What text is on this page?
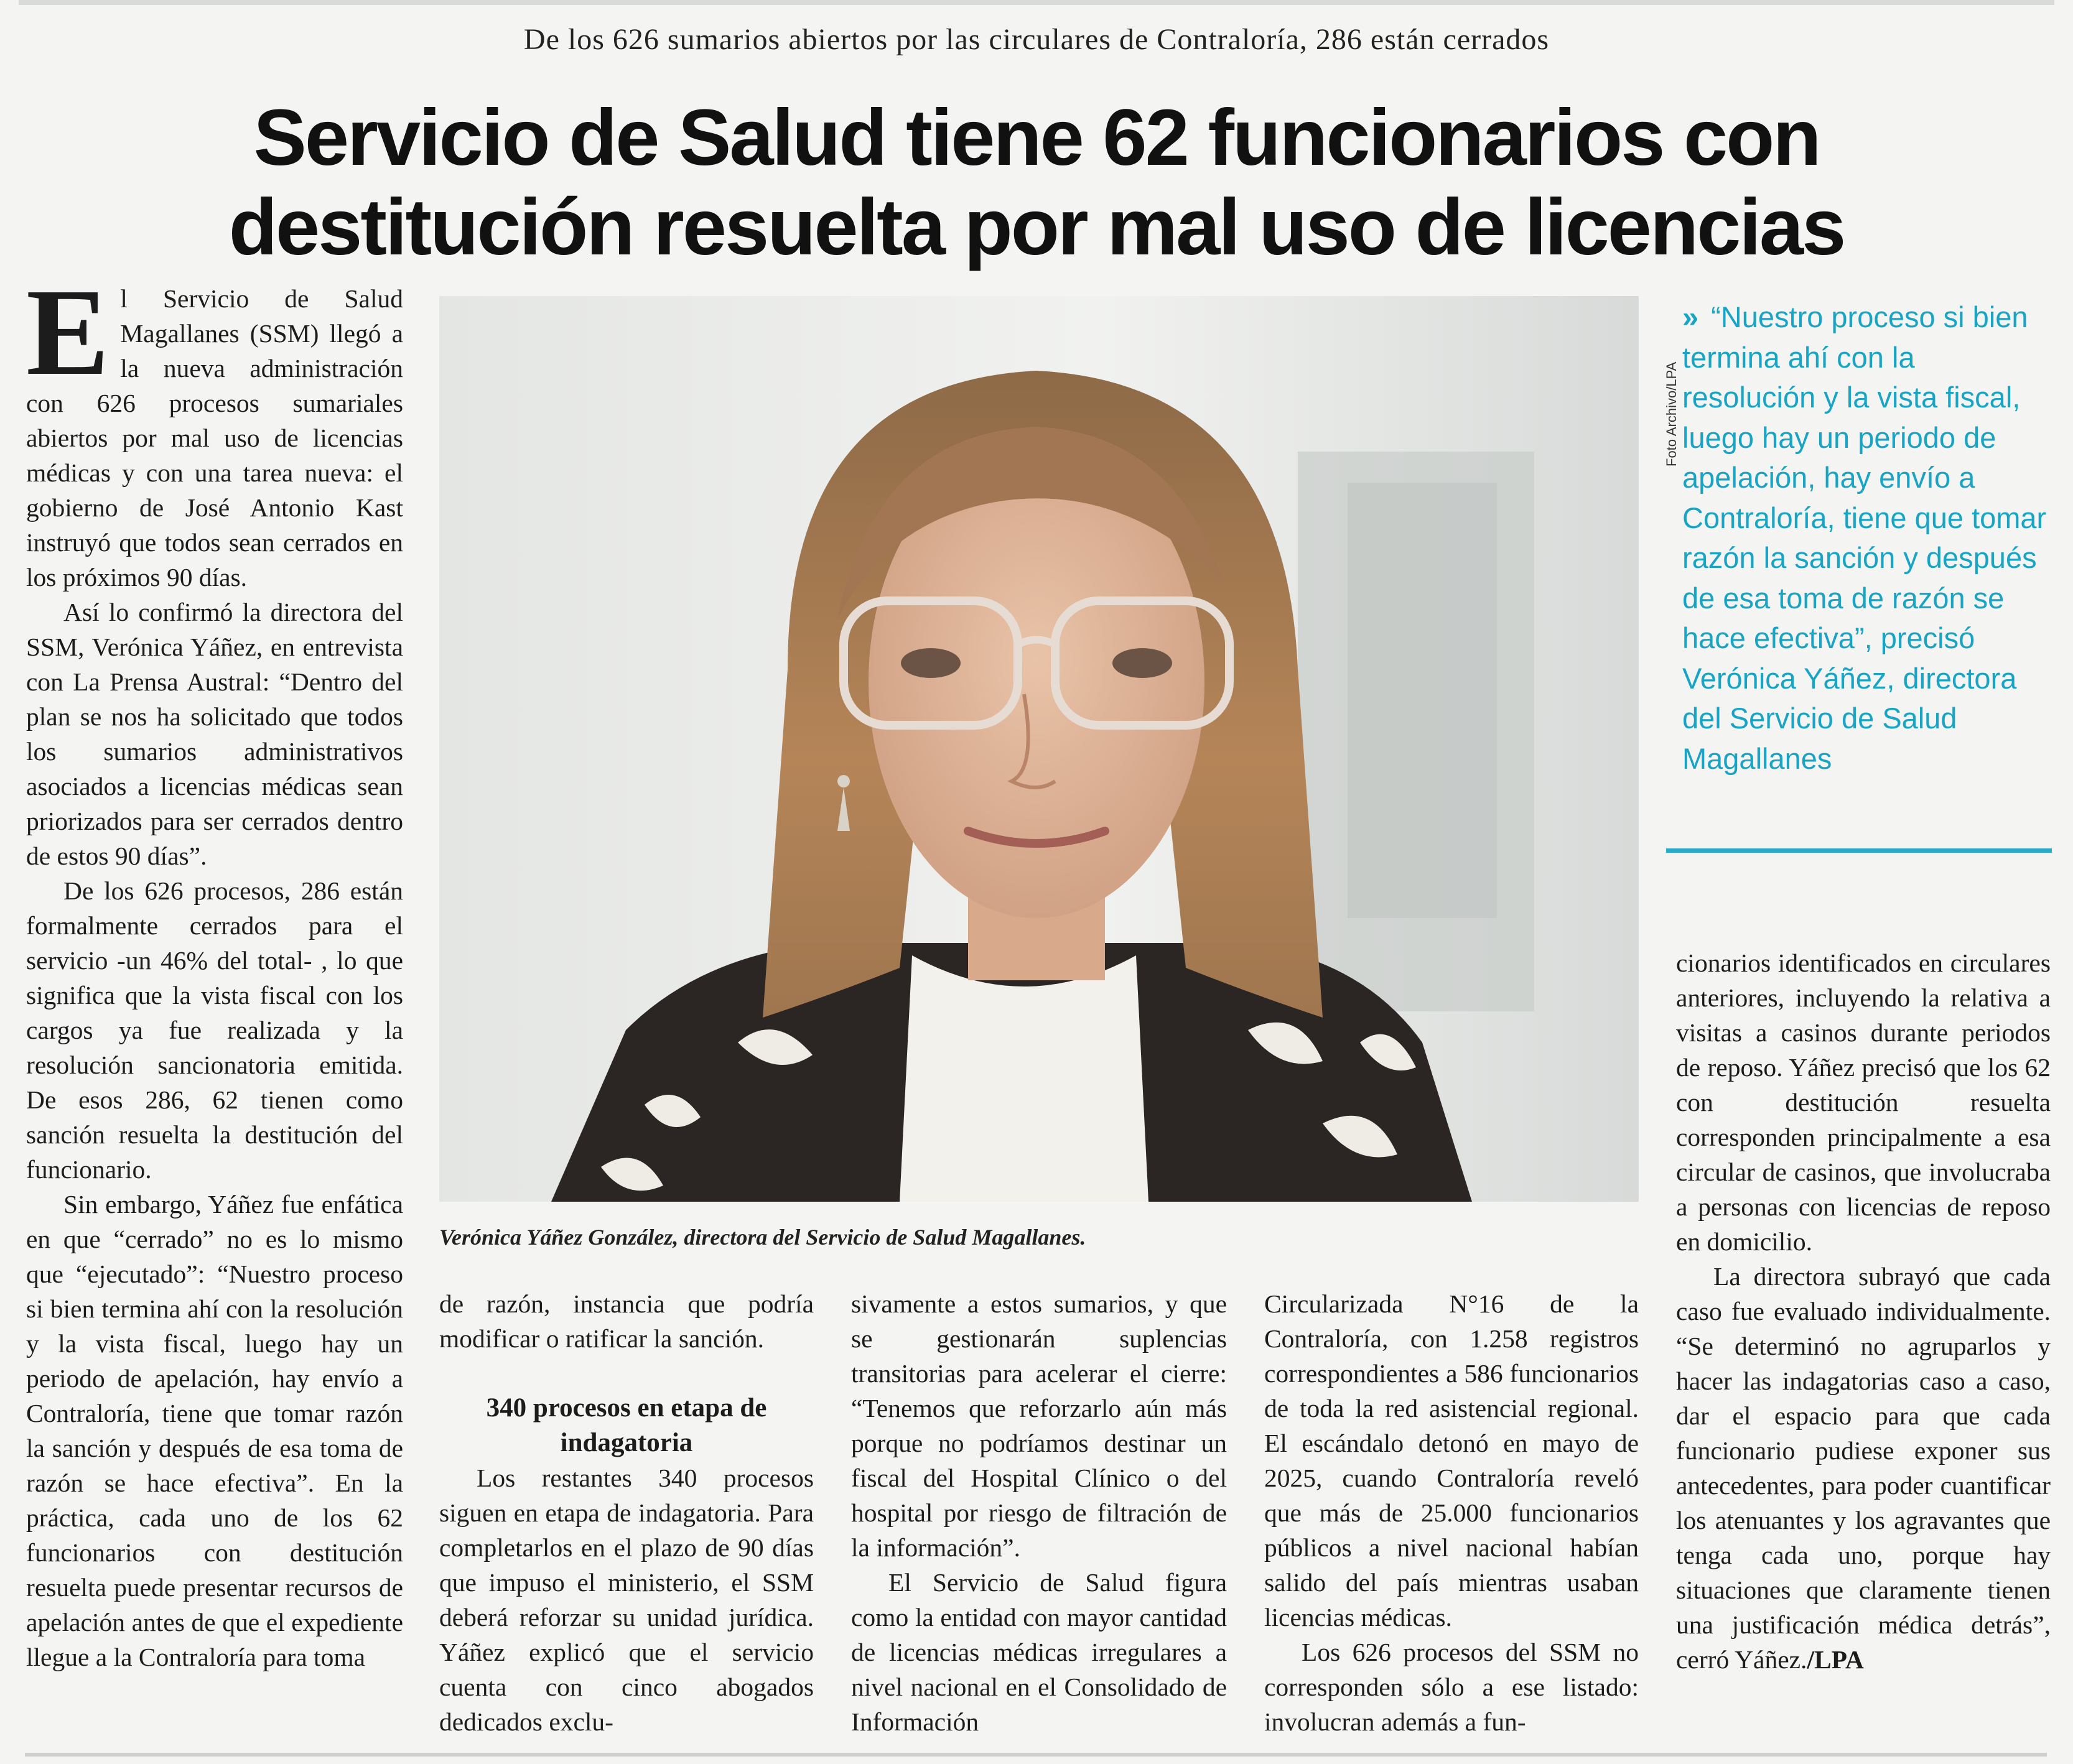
De los 626 sumarios abiertos por las circulares de Contraloría, 286 están cerrados
Servicio de Salud tiene 62 funcionarios con
destitución resuelta por mal uso de licencias

El Servicio de Salud Magallanes (SSM) llegó a la nueva administración con 626 procesos sumariales abiertos por mal uso de licencias médicas y con una tarea nueva: el gobierno de José Antonio Kast instruyó que todos sean cerrados en los próximos 90 días.

Así lo confirmó la directora del SSM, Verónica Yáñez, en entrevista con La Prensa Austral: “Dentro del plan se nos ha solicitado que todos los sumarios administrativos asociados a licencias médicas sean priorizados para ser cerrados dentro de estos 90 días”.

De los 626 procesos, 286 están formalmente cerrados para el servicio -un 46% del total- , lo que significa que la vista fiscal con los cargos ya fue realizada y la resolución sancionatoria emitida. De esos 286, 62 tienen como sanción resuelta la destitución del funcionario.

Sin embargo, Yáñez fue enfática en que “cerrado” no es lo mismo que “ejecutado”: “Nuestro proceso si bien termina ahí con la resolución y la vista fiscal, luego hay un periodo de apelación, hay envío a Contraloría, tiene que tomar razón la sanción y después de esa toma de razón se hace efectiva”. En la práctica, cada uno de los 62 funcionarios con destitución resuelta puede presentar recursos de apelación antes de que el expediente llegue a la Contraloría para toma

Foto Archivo/LPA
Verónica Yáñez González, directora del Servicio de Salud Magallanes.
» “Nuestro proceso si bien termina ahí con la resolución y la vista fiscal, luego hay un periodo de apelación, hay envío a Contraloría, tiene que tomar razón la sanción y después de esa toma de razón se hace efectiva”, precisó Verónica Yáñez, directora del Servicio de Salud Magallanes

de razón, instancia que podría modificar o ratificar la sanción.

340 procesos en etapa de indagatoria

Los restantes 340 procesos siguen en etapa de indagatoria. Para completarlos en el plazo de 90 días que impuso el ministerio, el SSM deberá reforzar su unidad jurídica. Yáñez explicó que el servicio cuenta con cinco abogados dedicados exclu-

sivamente a estos sumarios, y que se gestionarán suplencias transitorias para acelerar el cierre: “Tenemos que reforzarlo aún más porque no podríamos destinar un fiscal del Hospital Clínico o del hospital por riesgo de filtración de la información”.

El Servicio de Salud figura como la entidad con mayor cantidad de licencias médicas irregulares a nivel nacional en el Consolidado de Información

Circularizada N°16 de la Contraloría, con 1.258 registros correspondientes a 586 funcionarios de toda la red asistencial regional. El escándalo detonó en mayo de 2025, cuando Contraloría reveló que más de 25.000 funcionarios públicos a nivel nacional habían salido del país mientras usaban licencias médicas.

Los 626 procesos del SSM no corresponden sólo a ese listado: involucran además a fun-

cionarios identificados en circulares anteriores, incluyendo la relativa a visitas a casinos durante periodos de reposo. Yáñez precisó que los 62 con destitución resuelta corresponden principalmente a esa circular de casinos, que involucraba a personas con licencias de reposo en domicilio.

La directora subrayó que cada caso fue evaluado individualmente. “Se determinó no agruparlos y hacer las indagatorias caso a caso, dar el espacio para que cada funcionario pudiese exponer sus antecedentes, para poder cuantificar los atenuantes y los agravantes que tenga cada uno, porque hay situaciones que claramente tienen una justificación médica detrás”, cerró Yáñez./LPA
